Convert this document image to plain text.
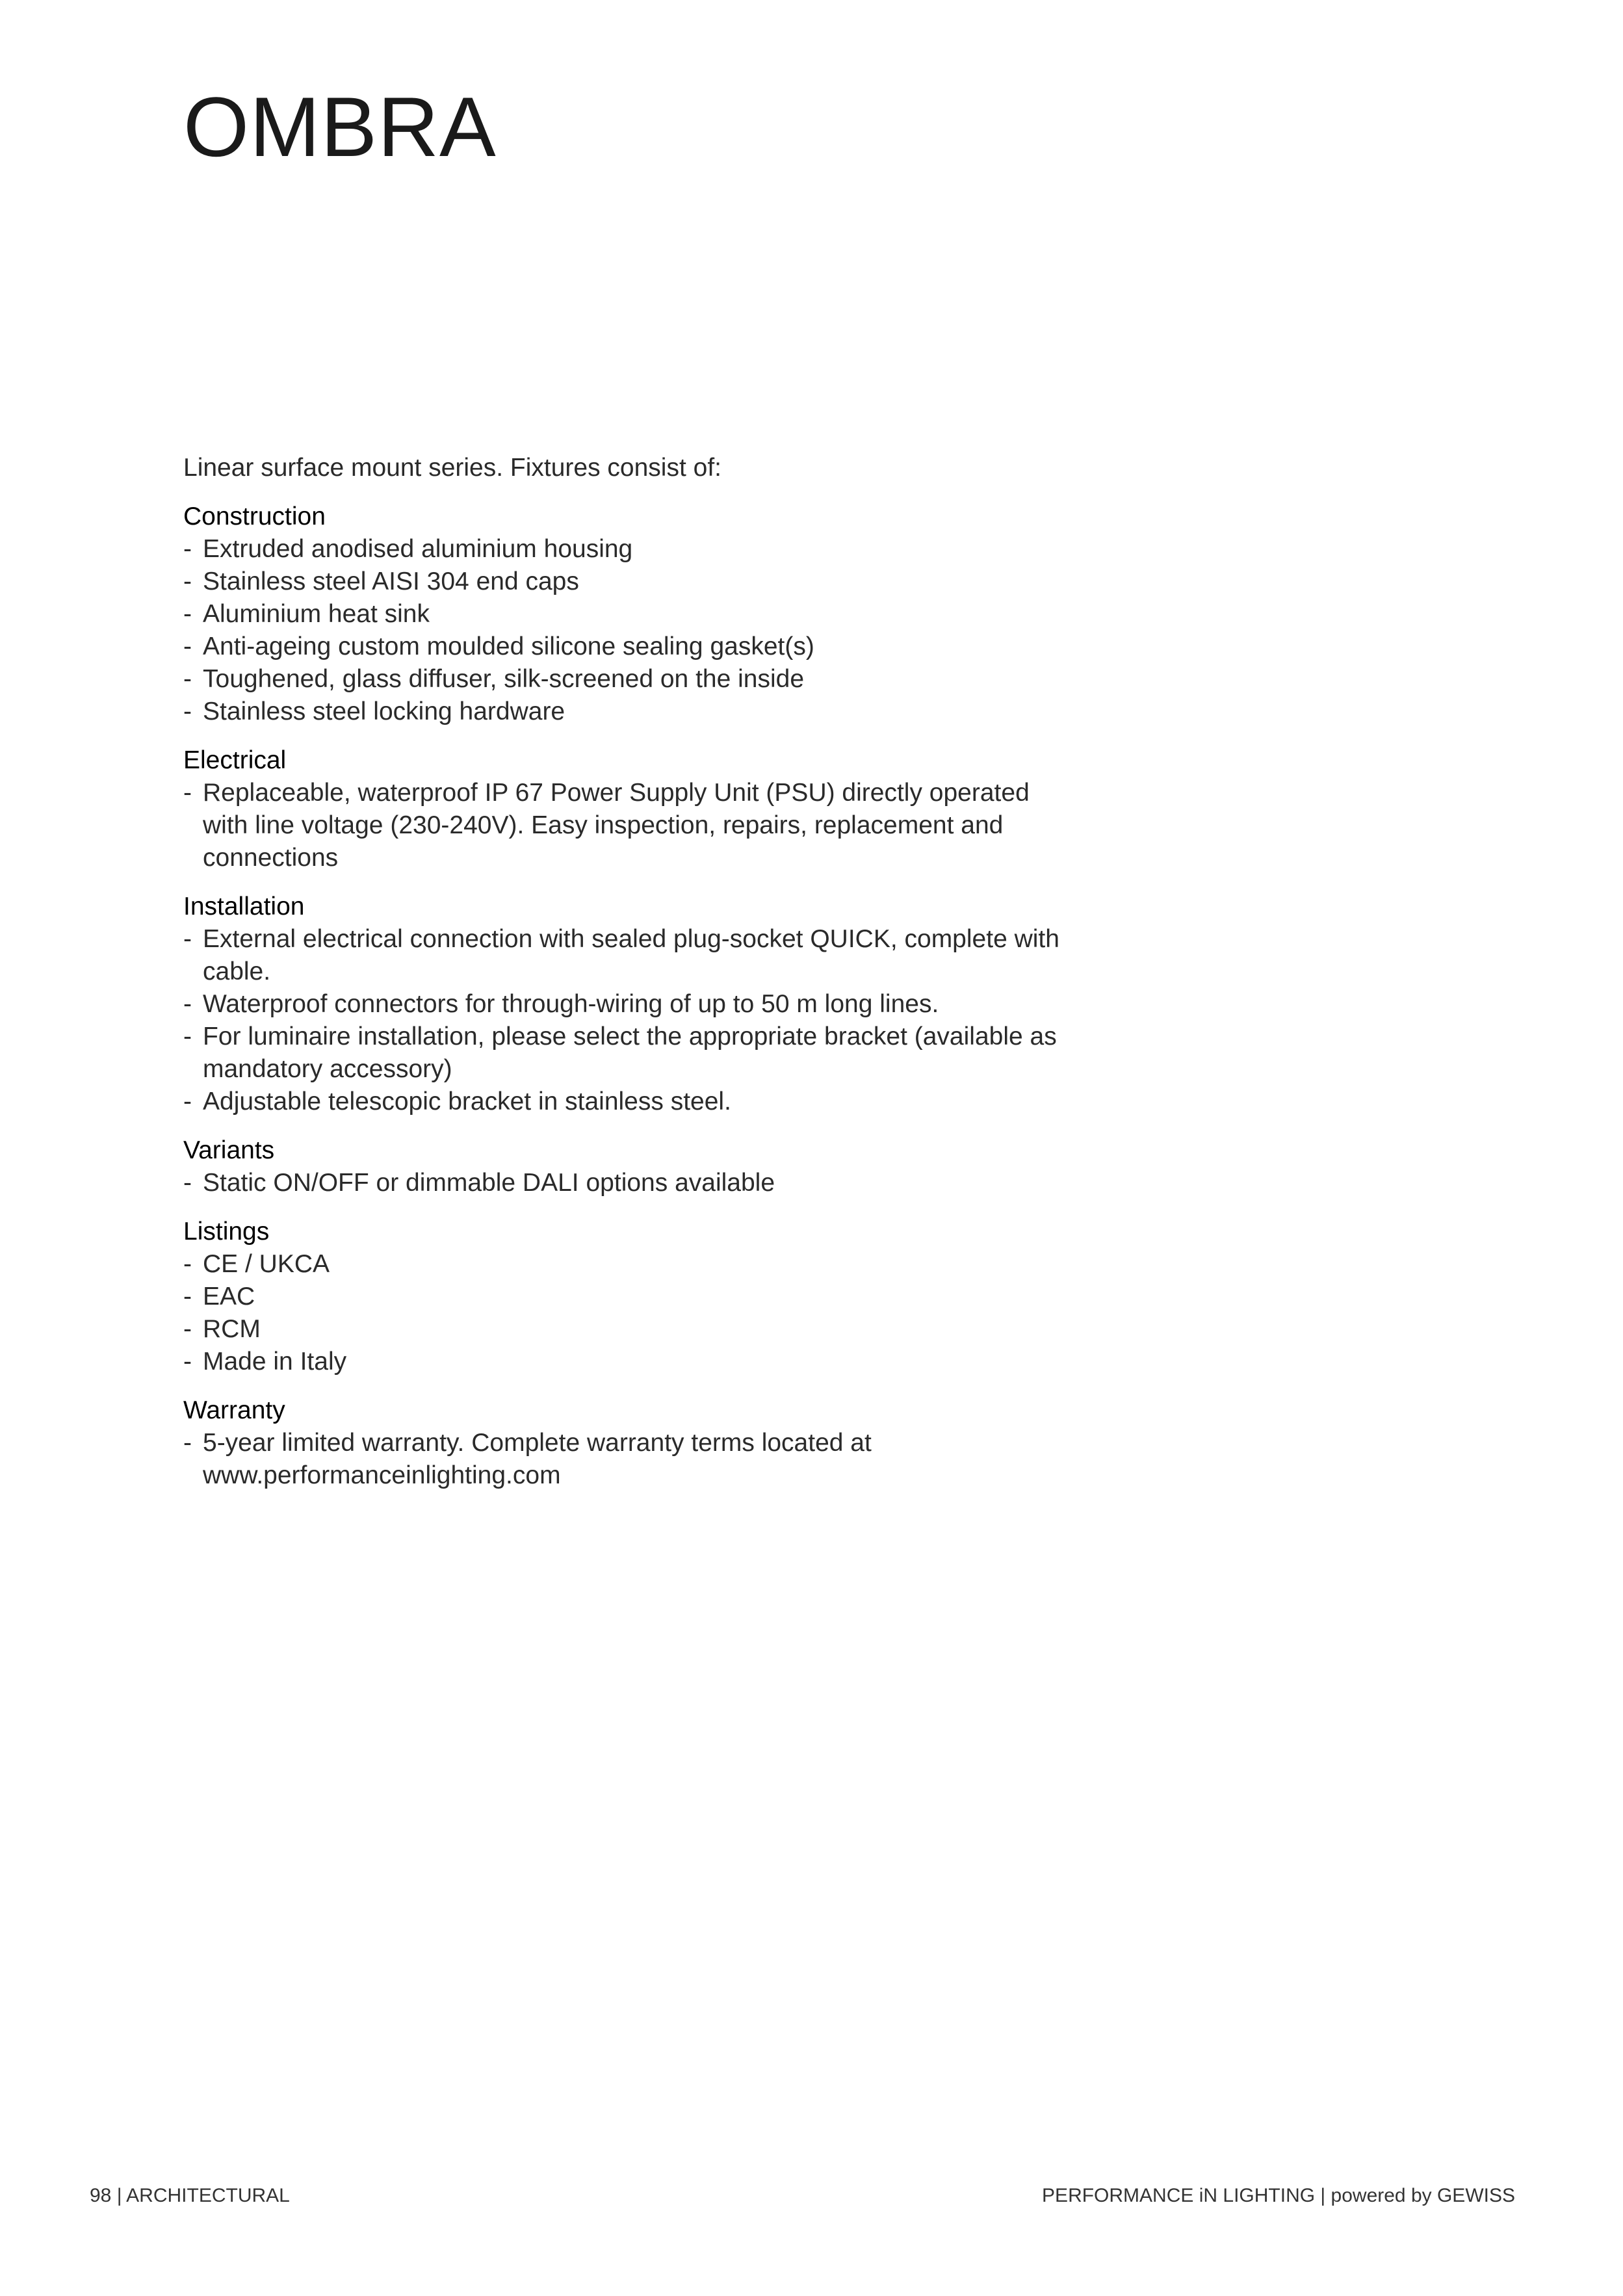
OMBRA

Linear surface mount series. Fixtures consist of:

Construction
- Extruded anodised aluminium housing
- Stainless steel AISI 304 end caps
- Aluminium heat sink
- Anti-ageing custom moulded silicone sealing gasket(s)
- Toughened, glass diffuser, silk-screened on the inside
- Stainless steel locking hardware
Electrical
- Replaceable, waterproof IP 67 Power Supply Unit (PSU) directly operated with line voltage (230-240V). Easy inspection, repairs, replacement and connections
Installation
- External electrical connection with sealed plug-socket QUICK, complete with cable.
- Waterproof connectors for through-wiring of up to 50 m long lines.
- For luminaire installation, please select the appropriate bracket (available as mandatory accessory)
- Adjustable telescopic bracket in stainless steel.
Variants
- Static ON/OFF or dimmable DALI options available
Listings
- CE / UKCA
- EAC
- RCM
- Made in Italy
Warranty
- 5-year limited warranty. Complete warranty terms located at www.performanceinlighting.com
98 | ARCHITECTURAL	PERFORMANCE iN LIGHTING | powered by GEWISS
